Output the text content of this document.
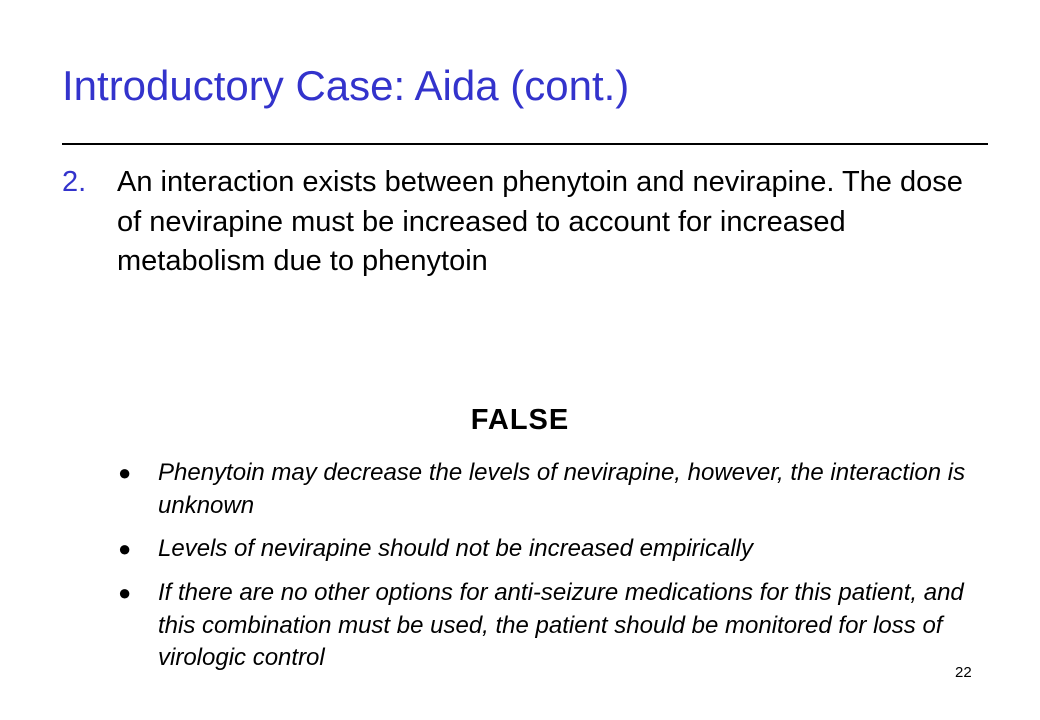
Introductory Case: Aida (cont.)
2.	An interaction exists between phenytoin and nevirapine. The dose of nevirapine must be increased to account for increased metabolism due to phenytoin
FALSE
●	Phenytoin may decrease the levels of nevirapine, however, the interaction is unknown
●	Levels of nevirapine should not be increased empirically
●	If there are no other options for anti-seizure medications for this patient, and this combination must be used, the patient should be monitored for loss of virologic control
22
